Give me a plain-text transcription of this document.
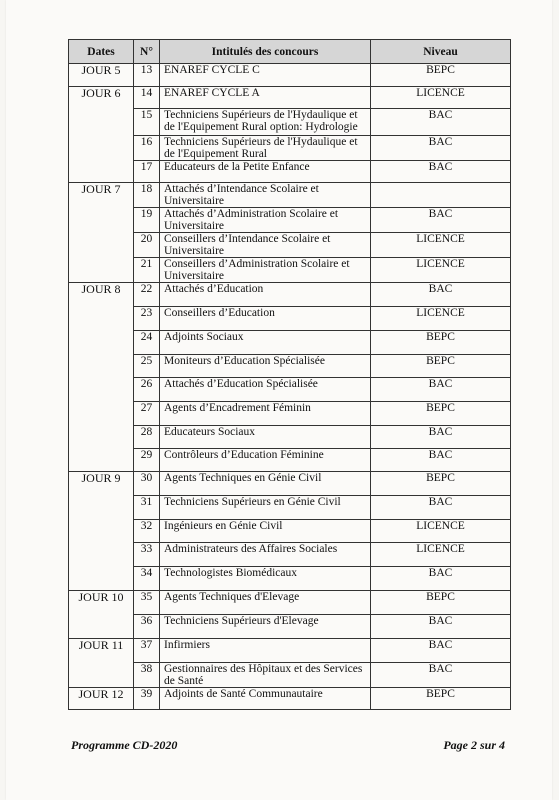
Dates	N°	Intitulés des concours	Niveau
JOUR 5	13	ENAREF CYCLE C	BEPC
JOUR 6	14	ENAREF CYCLE A	LICENCE
	15	Techniciens Supérieurs de l'Hydaulique et de l'Equipement Rural option: Hydrologie	BAC
	16	Techniciens Supérieurs de l'Hydaulique et de l'Equipement Rural	BAC
	17	Educateurs de la Petite Enfance	BAC
JOUR 7	18	Attachés d’Intendance Scolaire et Universitaire	
	19	Attachés d’Administration Scolaire et Universitaire	BAC
	20	Conseillers d’Intendance Scolaire et Universitaire	LICENCE
	21	Conseillers d’Administration Scolaire et Universitaire	LICENCE
JOUR 8	22	Attachés d’Education	BAC
	23	Conseillers d’Education	LICENCE
	24	Adjoints Sociaux	BEPC
	25	Moniteurs d’Education Spécialisée	BEPC
	26	Attachés d’Education Spécialisée	BAC
	27	Agents d’Encadrement Féminin	BEPC
	28	Educateurs Sociaux	BAC
	29	Contrôleurs d’Education Féminine	BAC
JOUR 9	30	Agents Techniques en Génie Civil	BEPC
	31	Techniciens Supérieurs en Génie Civil	BAC
	32	Ingénieurs en Génie Civil	LICENCE
	33	Administrateurs des Affaires Sociales	LICENCE
	34	Technologistes Biomédicaux	BAC
JOUR 10	35	Agents Techniques d'Elevage	BEPC
	36	Techniciens Supérieurs d'Elevage	BAC
JOUR 11	37	Infirmiers	BAC
	38	Gestionnaires des Hôpitaux et des Services de Santé	BAC
JOUR 12	39	Adjoints de Santé Communautaire	BEPC
Programme CD-2020	Page 2 sur 4
